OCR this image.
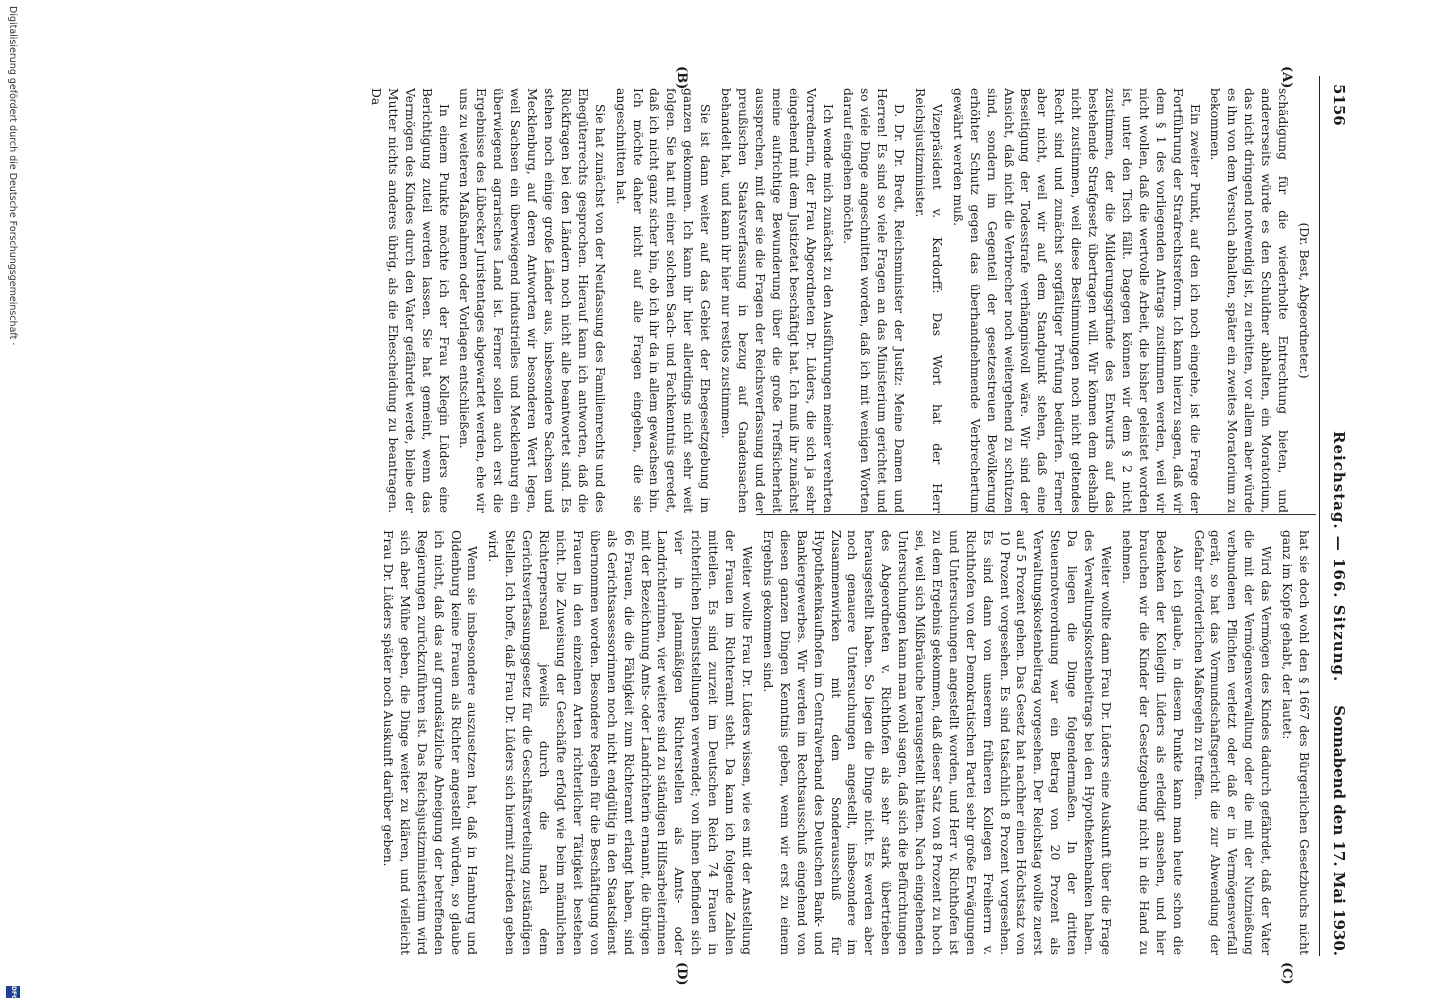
5156
Reichstag. — 166. Sitzung.
Sonnabend den 17. Mai 1930.
(A)
(B)
(C)
(D)

(Dr. Best, Abgeordneter.)

schädigung für die wiederholte Entrechtung bieten, und andererseits würde es den Schuldner abhalten, ein Moratorium, das nicht dringend notwendig ist, zu erbitten, vor allem aber würde es ihn von dem Versuch abhalten, später ein zweites Moratorium zu bekommen.

Ein zweiter Punkt, auf den ich noch eingehe, ist die Frage der Fortführung der Strafrechtsreform. Ich kann hierzu sagen, daß wir dem § 1 des vorliegenden Antrags zustimmen werden, weil wir nicht wollen, daß die wertvolle Arbeit, die bisher geleistet worden ist, unter den Tisch fällt. Dagegen können wir dem § 2 nicht zustimmen, der die Milderungsgründe des Entwurfs auf das bestehende Strafgesetz übertragen will. Wir können dem deshalb nicht zustimmen, weil diese Bestimmungen noch nicht geltendes Recht sind und zunächst sorgfältiger Prüfung bedürfen. Ferner aber nicht, weil wir auf dem Standpunkt stehen, daß eine Beseitigung der Todesstrafe verhängnisvoll wäre. Wir sind der Ansicht, daß nicht die Verbrecher noch weitergehend zu schützen sind, sondern im Gegenteil der gesetzestreuen Bevölkerung erhöhter Schutz gegen das überhandnehmende Verbrechertum gewährt werden muß.

Vizepräsident v. Kardorff: Das Wort hat der Herr Reichsjustizminister.

D. Dr. Dr. Bredt, Reichsminister der Justiz: Meine Damen und Herren! Es sind so viele Fragen an das Ministerium gerichtet und so viele Dinge angeschnitten worden, daß ich mit wenigen Worten darauf eingehen möchte.

Ich wende mich zunächst zu den Ausführungen meiner verehrten Vorrednerin, der Frau Abgeordneten Dr. Lüders, die sich ja sehr eingehend mit dem Justizetat beschäftigt hat. Ich muß ihr zunächst meine aufrichtige Bewunderung über die große Treffsicherheit aussprechen, mit der sie die Fragen der Reichsverfassung und der preußischen Staatsverfassung in bezug auf Gnadensachen behandelt hat, und kann ihr hier nur restlos zustimmen.

Sie ist dann weiter auf das Gebiet der Ehegesetzgebung im ganzen gekommen. Ich kann ihr hier allerdings nicht sehr weit folgen. Sie hat mit einer solchen Sach- und Fachkenntnis geredet, daß ich nicht ganz sicher bin, ob ich ihr da in allem gewachsen bin. Ich möchte daher nicht auf alle Fragen eingehen, die sie angeschnitten hat.

Sie hat zunächst von der Neufassung des Familienrechts und des Ehegüterrechts gesprochen. Hierauf kann ich antworten, daß die Rückfragen bei den Ländern noch nicht alle beantwortet sind. Es stehen noch einige große Länder aus, insbesondere Sachsen und Mecklenburg, auf deren Antworten wir besonderen Wert legen, weil Sachsen ein überwiegend industrielles und Mecklenburg ein überwiegend agrarisches Land ist. Ferner sollen auch erst die Ergebnisse des Lübecker Juristentages abgewartet werden, ehe wir uns zu weiteren Maßnahmen oder Vorlagen entschließen.

In einem Punkte möchte ich der Frau Kollegin Lüders eine Berichtigung zuteil werden lassen. Sie hat gemeint, wenn das Vermögen des Kindes durch den Vater gefährdet werde, bleibe der Mutter nichts anderes übrig, als die Ehescheidung zu beantragen. Da

hat sie doch wohl den § 1667 des Bürgerlichen Gesetzbuchs nicht ganz im Kopfe gehabt, der lautet:

Wird das Vermögen des Kindes dadurch gefährdet, daß der Vater die mit der Vermögensverwaltung oder die mit der Nutznießung verbundenen Pflichten verletzt oder daß er in Vermögensverfall gerät, so hat das Vormundschaftsgericht die zur Abwendung der Gefahr erforderlichen Maßregeln zu treffen.

Also ich glaube, in diesem Punkte kann man heute schon die Bedenken der Kollegin Lüders als erledigt ansehen, und hier brauchen wir die Kinder der Gesetzgebung nicht in die Hand zu nehmen.

Weiter wollte dann Frau Dr. Lüders eine Auskunft über die Frage des Verwaltungskostenbeitrags bei den Hypothekenbanken haben. Da liegen die Dinge folgendermaßen. In der dritten Steuernotverordnung war ein Betrag von 20 Prozent als Verwaltungskostenbeitrag vorgesehen. Der Reichstag wollte zuerst auf 5 Prozent gehen. Das Gesetz hat nachher einen Höchstsatz von 10 Prozent vorgesehen. Es sind tatsächlich 8 Prozent vorgesehen. Es sind dann von unserem früheren Kollegen Freiherrn v. Richthofen von der Demokratischen Partei sehr große Erwägungen und Untersuchungen angestellt worden, und Herr v. Richthofen ist zu dem Ergebnis gekommen, daß dieser Satz von 8 Prozent zu hoch sei, weil sich Mißbräuche herausgestellt hätten. Nach eingehenden Untersuchungen kann man wohl sagen, daß sich die Befürchtungen des Abgeordneten v. Richthofen als sehr stark übertrieben herausgestellt haben. So liegen die Dinge nicht. Es werden aber noch genauere Untersuchungen angestellt, insbesondere im Zusammenwirken mit dem Sonderausschuß für Hypothekenkaufhofen im Centralverband des Deutschen Bank- und Bankiergewerbes. Wir werden im Rechtsausschuß eingehend von diesen ganzen Dingen Kenntnis geben, wenn wir erst zu einem Ergebnis gekommen sind.

Weiter wollte Frau Dr. Lüders wissen, wie es mit der Anstellung der Frauen im Richteramt steht. Da kann ich folgende Zahlen mitteilen. Es sind zurzeit im Deutschen Reich 74 Frauen in richterlichen Dienststellungen verwendet; von ihnen befinden sich vier in planmäßigen Richterstellen als Amts- oder Landrichterinnen, vier weitere sind zu ständigen Hilfsarbeiterinnen mit der Bezeichnung Amts- oder Landrichterin ernannt, die übrigen 66 Frauen, die die Fähigkeit zum Richteramt erlangt haben, sind als Gerichtsassessorinnen noch nicht endgültig in den Staatsdienst übernommen worden. Besondere Regeln für die Beschäftigung von Frauen in den einzelnen Arten richterlicher Tätigkeit bestehen nicht. Die Zuweisung der Geschäfte erfolgt wie beim männlichen Richterpersonal jeweils durch die nach dem Gerichtsverfassungsgesetz für die Geschäftsverteilung zuständigen Stellen. Ich hoffe, daß Frau Dr. Lüders sich hiermit zufrieden geben wird.

Wenn sie insbesondere auszusetzen hat, daß in Hamburg und Oldenburg keine Frauen als Richter angestellt würden, so glaube ich nicht, daß das auf grundsätzliche Abneigung der betreffenden Regierungen zurückzuführen ist. Das Reichsjustizministerium wird sich aber Mühe geben, die Dinge weiter zu klären, und vielleicht Frau Dr. Lüders später noch Auskunft darüber geben.

Digitalisierung gefördert durch die Deutsche Forschungsgemeinschaft ·
DFG
